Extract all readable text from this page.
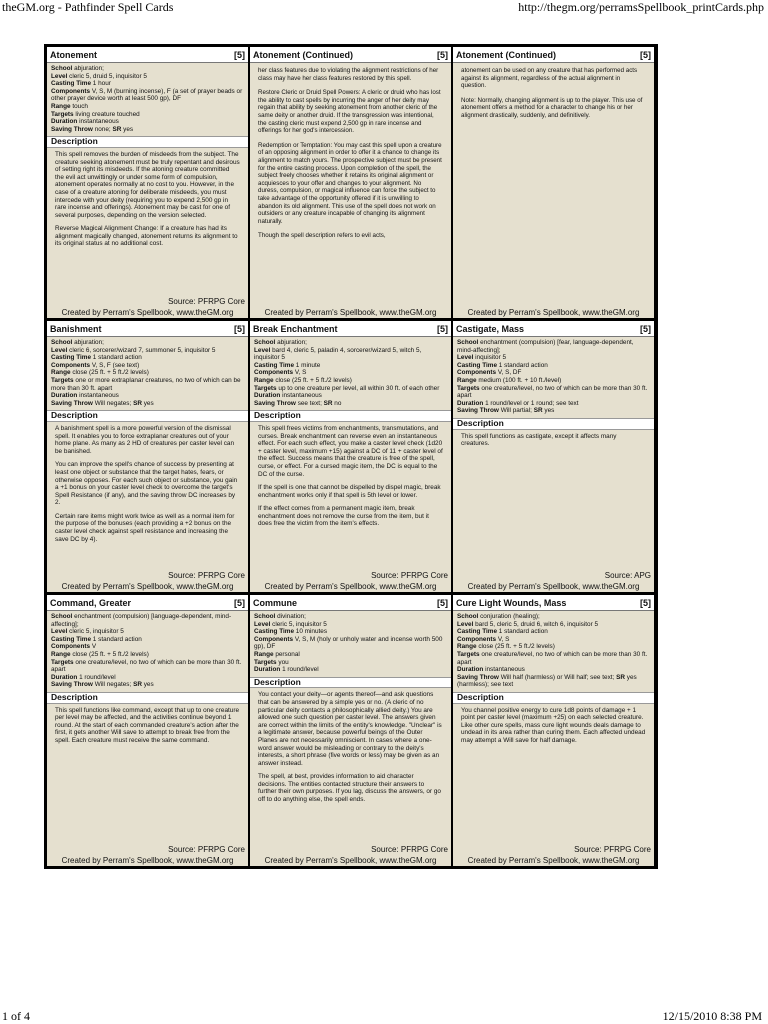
theGM.org - Pathfinder Spell Cards	http://thegm.org/perramsSpellbook_printCards.php
Atonement	[5]
School abjuration;
Level cleric 5, druid 5, inquisitor 5
Casting Time 1 hour
Components V, S, M (burning incense), F (a set of prayer beads or other prayer device worth at least 500 gp), DF
Range touch
Targets living creature touched
Duration instantaneous
Saving Throw none; SR yes
Description
This spell removes the burden of misdeeds from the subject. The creature seeking atonement must be truly repentant and desirous of setting right its misdeeds. If the atoning creature committed the evil act unwittingly or under some form of compulsion, atonement operates normally at no cost to you. However, in the case of a creature atoning for deliberate misdeeds, you must intercede with your deity (requiring you to expend 2,500 gp in rare incense and offerings). Atonement may be cast for one of several purposes, depending on the version selected.
Reverse Magical Alignment Change: If a creature has had its alignment magically changed, atonement returns its alignment to its original status at no additional cost.
Source: PFRPG Core
Created by Perram's Spellbook, www.theGM.org
Atonement (Continued)	[5]
her class features due to violating the alignment restrictions of her class may have her class features restored by this spell.
Restore Cleric or Druid Spell Powers: A cleric or druid who has lost the ability to cast spells by incurring the anger of her deity may regain that ability by seeking atonement from another cleric of the same deity or another druid. If the transgression was intentional, the casting cleric must expend 2,500 gp in rare incense and offerings for her god's intercession.
Redemption or Temptation: You may cast this spell upon a creature of an opposing alignment in order to offer it a chance to change its alignment to match yours. The prospective subject must be present for the entire casting process. Upon completion of the spell, the subject freely chooses whether it retains its original alignment or acquiesces to your offer and changes to your alignment. No duress, compulsion, or magical influence can force the subject to take advantage of the opportunity offered if it is unwilling to abandon its old alignment. This use of the spell does not work on outsiders or any creature incapable of changing its alignment naturally.
Though the spell description refers to evil acts,
Created by Perram's Spellbook, www.theGM.org
Atonement (Continued)	[5]
atonement can be used on any creature that has performed acts against its alignment, regardless of the actual alignment in question.
Note: Normally, changing alignment is up to the player. This use of atonement offers a method for a character to change his or her alignment drastically, suddenly, and definitively.
Created by Perram's Spellbook, www.theGM.org
Banishment	[5]
School abjuration;
Level cleric 6, sorcerer/wizard 7, summoner 5, inquisitor 5
Casting Time 1 standard action
Components V, S, F (see text)
Range close (25 ft. + 5 ft./2 levels)
Targets one or more extraplanar creatures, no two of which can be more than 30 ft. apart
Duration instantaneous
Saving Throw Will negates; SR yes
Description
A banishment spell is a more powerful version of the dismissal spell. It enables you to force extraplanar creatures out of your home plane. As many as 2 HD of creatures per caster level can be banished.
You can improve the spell's chance of success by presenting at least one object or substance that the target hates, fears, or otherwise opposes. For each such object or substance, you gain a +1 bonus on your caster level check to overcome the target's Spell Resistance (if any), and the saving throw DC increases by 2.
Certain rare items might work twice as well as a normal item for the purpose of the bonuses (each providing a +2 bonus on the caster level check against spell resistance and increasing the save DC by 4).
Source: PFRPG Core
Created by Perram's Spellbook, www.theGM.org
Break Enchantment	[5]
School abjuration;
Level bard 4, cleric 5, paladin 4, sorcerer/wizard 5, witch 5, inquisitor 5
Casting Time 1 minute
Components V, S
Range close (25 ft. + 5 ft./2 levels)
Targets up to one creature per level, all within 30 ft. of each other
Duration instantaneous
Saving Throw see text; SR no
Description
This spell frees victims from enchantments, transmutations, and curses. Break enchantment can reverse even an instantaneous effect. For each such effect, you make a caster level check (1d20 + caster level, maximum +15) against a DC of 11 + caster level of the effect. Success means that the creature is free of the spell, curse, or effect. For a cursed magic item, the DC is equal to the DC of the curse.
If the spell is one that cannot be dispelled by dispel magic, break enchantment works only if that spell is 5th level or lower.
If the effect comes from a permanent magic item, break enchantment does not remove the curse from the item, but it does free the victim from the item's effects.
Source: PFRPG Core
Created by Perram's Spellbook, www.theGM.org
Castigate, Mass	[5]
School enchantment (compulsion) [fear, language-dependent, mind-affecting];
Level inquisitor 5
Casting Time 1 standard action
Components V, S, DF
Range medium (100 ft. + 10 ft./level)
Targets one creature/level, no two of which can be more than 30 ft. apart
Duration 1 round/level or 1 round; see text
Saving Throw Will partial; SR yes
Description
This spell functions as castigate, except it affects many creatures.
Source: APG
Created by Perram's Spellbook, www.theGM.org
Command, Greater	[5]
School enchantment (compulsion) [language-dependent, mind-affecting];
Level cleric 5, inquisitor 5
Casting Time 1 standard action
Components V
Range close (25 ft. + 5 ft./2 levels)
Targets one creature/level, no two of which can be more than 30 ft. apart
Duration 1 round/level
Saving Throw Will negates; SR yes
Description
This spell functions like command, except that up to one creature per level may be affected, and the activities continue beyond 1 round. At the start of each commanded creature's action after the first, it gets another Will save to attempt to break free from the spell. Each creature must receive the same command.
Source: PFRPG Core
Created by Perram's Spellbook, www.theGM.org
Commune	[5]
School divination;
Level cleric 5, inquisitor 5
Casting Time 10 minutes
Components V, S, M (holy or unholy water and incense worth 500 gp), DF
Range personal
Targets you
Duration 1 round/level
Description
You contact your deity—or agents thereof—and ask questions that can be answered by a simple yes or no. (A cleric of no particular deity contacts a philosophically allied deity.) You are allowed one such question per caster level. The answers given are correct within the limits of the entity's knowledge. "Unclear" is a legitimate answer, because powerful beings of the Outer Planes are not necessarily omniscient. In cases where a one-word answer would be misleading or contrary to the deity's interests, a short phrase (five words or less) may be given as an answer instead.
The spell, at best, provides information to aid character decisions. The entities contacted structure their answers to further their own purposes. If you lag, discuss the answers, or go off to do anything else, the spell ends.
Source: PFRPG Core
Created by Perram's Spellbook, www.theGM.org
Cure Light Wounds, Mass	[5]
School conjuration (healing);
Level bard 5, cleric 5, druid 6, witch 6, inquisitor 5
Casting Time 1 standard action
Components V, S
Range close (25 ft. + 5 ft./2 levels)
Targets one creature/level, no two of which can be more than 30 ft. apart
Duration instantaneous
Saving Throw Will half (harmless) or Will half; see text; SR yes (harmless); see text
Description
You channel positive energy to cure 1d8 points of damage + 1 point per caster level (maximum +25) on each selected creature. Like other cure spells, mass cure light wounds deals damage to undead in its area rather than curing them. Each affected undead may attempt a Will save for half damage.
Source: PFRPG Core
Created by Perram's Spellbook, www.theGM.org
1 of 4	12/15/2010 8:38 PM
